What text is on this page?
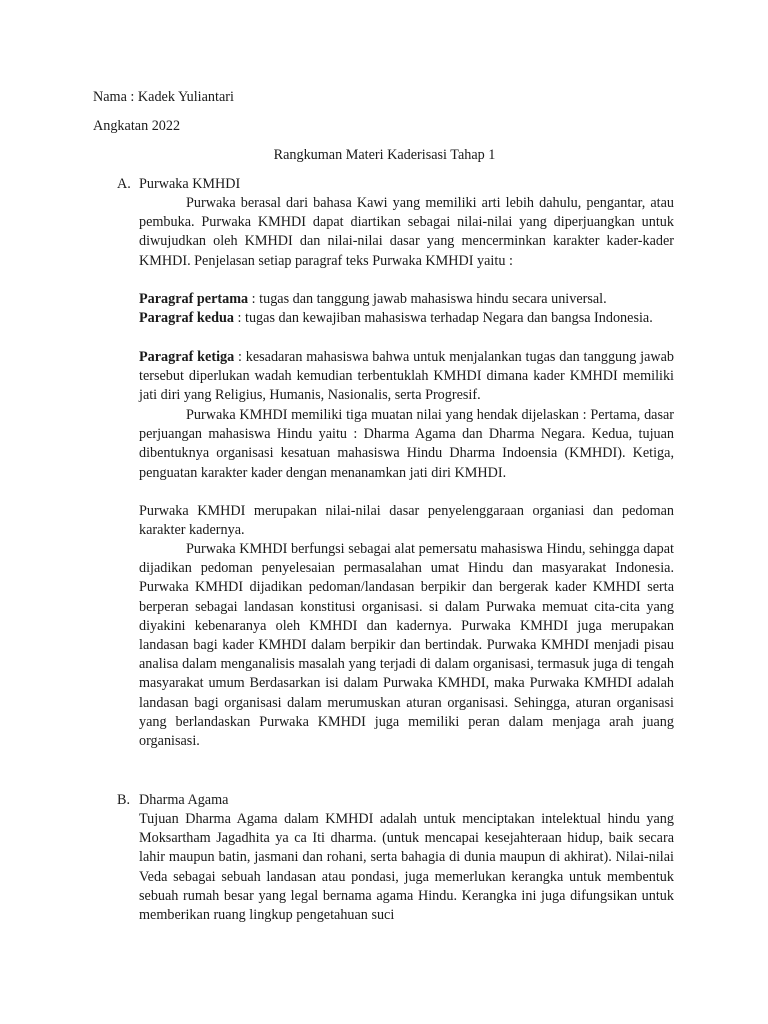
Nama : Kadek Yuliantari

Angkatan 2022

Rangkuman Materi Kaderisasi Tahap 1

A. Purwaka KMHDI

Purwaka berasal dari bahasa Kawi yang memiliki arti lebih dahulu, pengantar, atau pembuka. Purwaka KMHDI dapat diartikan sebagai nilai-nilai yang diperjuangkan untuk diwujudkan oleh KMHDI dan nilai-nilai dasar yang mencerminkan karakter kader-kader KMHDI. Penjelasan setiap paragraf teks Purwaka KMHDI yaitu :

Paragraf pertama : tugas dan tanggung jawab mahasiswa hindu secara universal.

Paragraf kedua : tugas dan kewajiban mahasiswa terhadap Negara dan bangsa Indonesia.

Paragraf ketiga : kesadaran mahasiswa bahwa untuk menjalankan tugas dan tanggung jawab tersebut diperlukan wadah kemudian terbentuklah KMHDI dimana kader KMHDI memiliki jati diri yang Religius, Humanis, Nasionalis, serta Progresif.

Purwaka KMHDI memiliki tiga muatan nilai yang hendak dijelaskan : Pertama, dasar perjuangan mahasiswa Hindu yaitu : Dharma Agama dan Dharma Negara. Kedua, tujuan dibentuknya organisasi kesatuan mahasiswa Hindu Dharma Indoensia (KMHDI). Ketiga, penguatan karakter kader dengan menanamkan jati diri KMHDI.

Purwaka KMHDI merupakan nilai-nilai dasar penyelenggaraan organiasi dan pedoman karakter kadernya.

Purwaka KMHDI berfungsi sebagai alat pemersatu mahasiswa Hindu, sehingga dapat dijadikan pedoman penyelesaian permasalahan umat Hindu dan masyarakat Indonesia. Purwaka KMHDI dijadikan pedoman/landasan berpikir dan bergerak kader KMHDI serta berperan sebagai landasan konstitusi organisasi. si dalam Purwaka memuat cita-cita yang diyakini kebenaranya oleh KMHDI dan kadernya. Purwaka KMHDI juga merupakan landasan bagi kader KMHDI dalam berpikir dan bertindak. Purwaka KMHDI menjadi pisau analisa dalam menganalisis masalah yang terjadi di dalam organisasi, termasuk juga di tengah masyarakat umum Berdasarkan isi dalam Purwaka KMHDI, maka Purwaka KMHDI adalah landasan bagi organisasi dalam merumuskan aturan organisasi. Sehingga, aturan organisasi yang berlandaskan Purwaka KMHDI juga memiliki peran dalam menjaga arah juang organisasi.

B. Dharma Agama

Tujuan Dharma Agama dalam KMHDI adalah untuk menciptakan intelektual hindu yang Moksartham Jagadhita ya ca Iti dharma. (untuk mencapai kesejahteraan hidup, baik secara lahir maupun batin, jasmani dan rohani, serta bahagia di dunia maupun di akhirat). Nilai-nilai Veda sebagai sebuah landasan atau pondasi, juga memerlukan kerangka untuk membentuk sebuah rumah besar yang legal bernama agama Hindu. Kerangka ini juga difungsikan untuk memberikan ruang lingkup pengetahuan suci
